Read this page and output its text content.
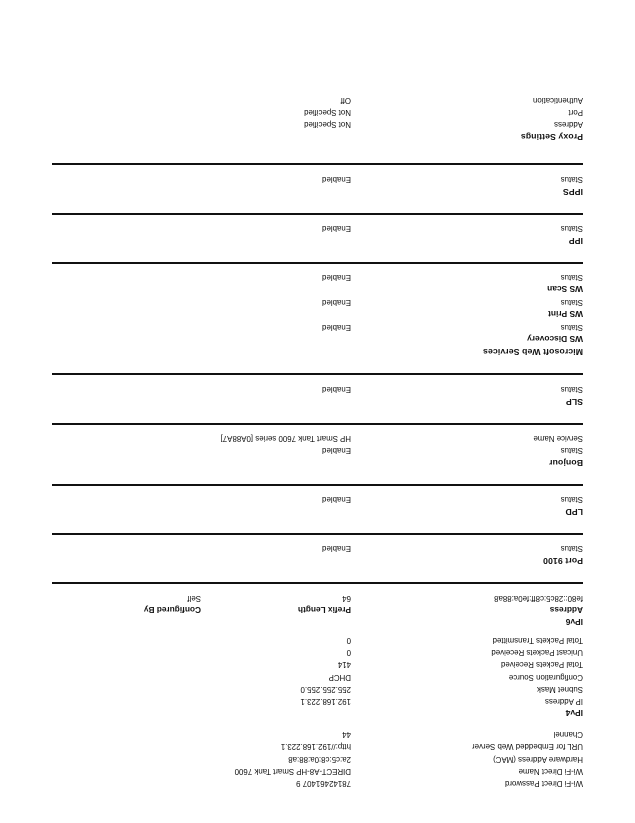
Wi-Fi Direct Password
78142461407 9
Wi-Fi Direct Name
DIRECT-A8-HP Smart Tank 7600
Hardware Address (MAC)
2a:c5:c8:0a:88:a8
URL for Embedded Web Server
http://192.168.223.1
Channel
44
IPv4
IP Address
192.168.223.1
Subnet Mask
255.255.255.0
Configuration Source
DHCP
Total Packets Received
414
Unicast Packets Received
0
Total Packets Transmitted
0
IPv6
Address
Prefix Length
Configured By
fe80::28c5:c8ff:fe0a:88a8
64
Self
Port 9100
Status
Enabled
LPD
Status
Enabled
Bonjour
Status
Enabled
Service Name
HP Smart Tank 7600 series [0A88A7]
SLP
Status
Enabled
Microsoft Web Services
WS Discovery
Status
Enabled
WS Print
Status
Enabled
WS Scan
Status
Enabled
IPP
Status
Enabled
IPPS
Status
Enabled
Proxy Settings
Address
Not Specified
Port
Not Specified
Authentication
Off
